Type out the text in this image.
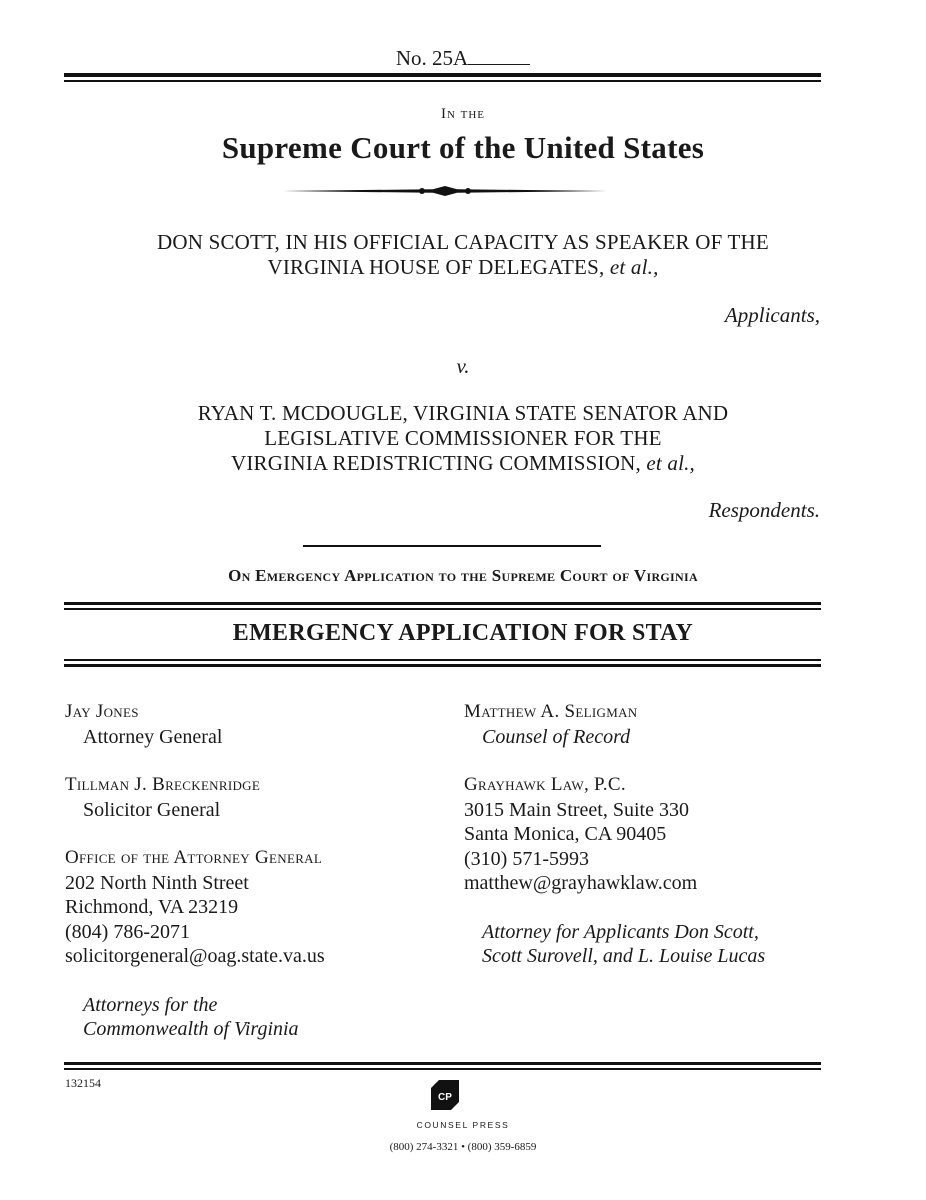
No. 25A
In the
Supreme Court of the United States
DON SCOTT, IN HIS OFFICIAL CAPACITY AS SPEAKER OF THE
VIRGINIA HOUSE OF DELEGATES, et al.,
Applicants,
v.
RYAN T. MCDOUGLE, VIRGINIA STATE SENATOR AND
LEGISLATIVE COMMISSIONER FOR THE
VIRGINIA REDISTRICTING COMMISSION, et al.,
Respondents.
On Emergency Application to the Supreme Court of Virginia
EMERGENCY APPLICATION FOR STAY
Jay Jones
Attorney General
Tillman J. Breckenridge
Solicitor General
Office of the Attorney General
202 North Ninth Street
Richmond, VA 23219
(804) 786-2071
solicitorgeneral@oag.state.va.us
Attorneys for the
Commonwealth of Virginia
Matthew A. Seligman
Counsel of Record
Grayhawk Law, P.C.
3015 Main Street, Suite 330
Santa Monica, CA 90405
(310) 571-5993
matthew@grayhawklaw.com
Attorney for Applicants Don Scott,
Scott Surovell, and L. Louise Lucas
132154
CP
COUNSEL PRESS
(800) 274-3321 • (800) 359-6859
